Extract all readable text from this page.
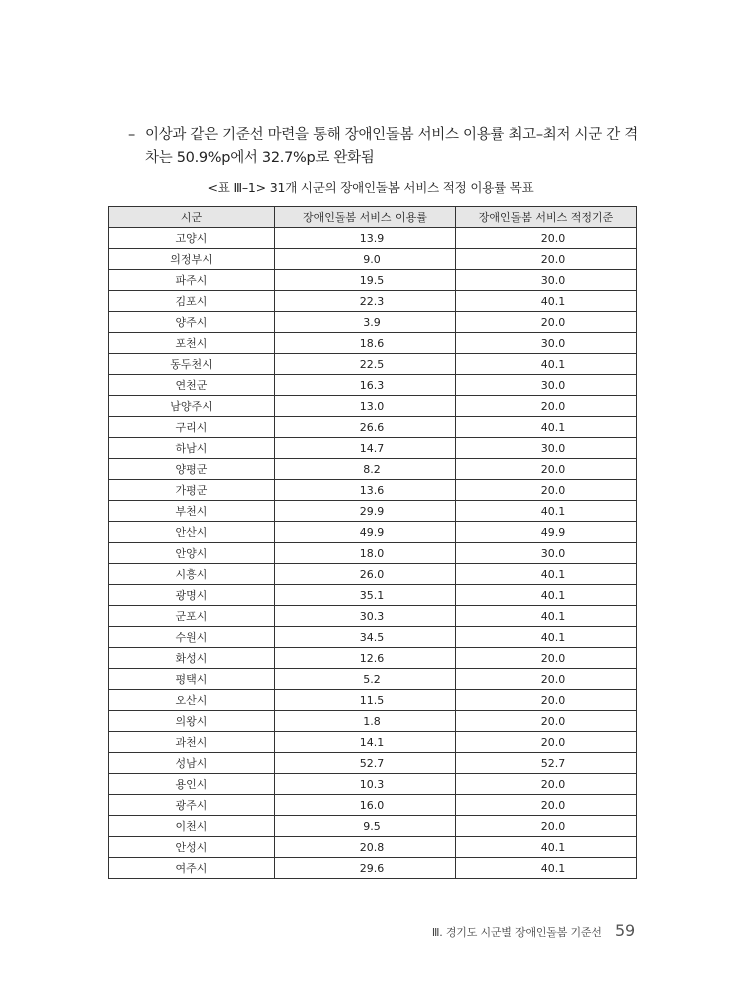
– 이상과 같은 기준선 마련을 통해 장애인돌봄 서비스 이용률 최고–최저 시군 간 격차는 50.9%p에서 32.7%p로 완화됨
<표 Ⅲ–1> 31개 시군의 장애인돌봄 서비스 적정 이용률 목표
시군	장애인돌봄 서비스 이용률	장애인돌봄 서비스 적정기준
고양시	13.9	20.0
의정부시	9.0	20.0
파주시	19.5	30.0
김포시	22.3	40.1
양주시	3.9	20.0
포천시	18.6	30.0
동두천시	22.5	40.1
연천군	16.3	30.0
남양주시	13.0	20.0
구리시	26.6	40.1
하남시	14.7	30.0
양평군	8.2	20.0
가평군	13.6	20.0
부천시	29.9	40.1
안산시	49.9	49.9
안양시	18.0	30.0
시흥시	26.0	40.1
광명시	35.1	40.1
군포시	30.3	40.1
수원시	34.5	40.1
화성시	12.6	20.0
평택시	5.2	20.0
오산시	11.5	20.0
의왕시	1.8	20.0
과천시	14.1	20.0
성남시	52.7	52.7
용인시	10.3	20.0
광주시	16.0	20.0
이천시	9.5	20.0
안성시	20.8	40.1
여주시	29.6	40.1
Ⅲ. 경기도 시군별 장애인돌봄 기준선 59
